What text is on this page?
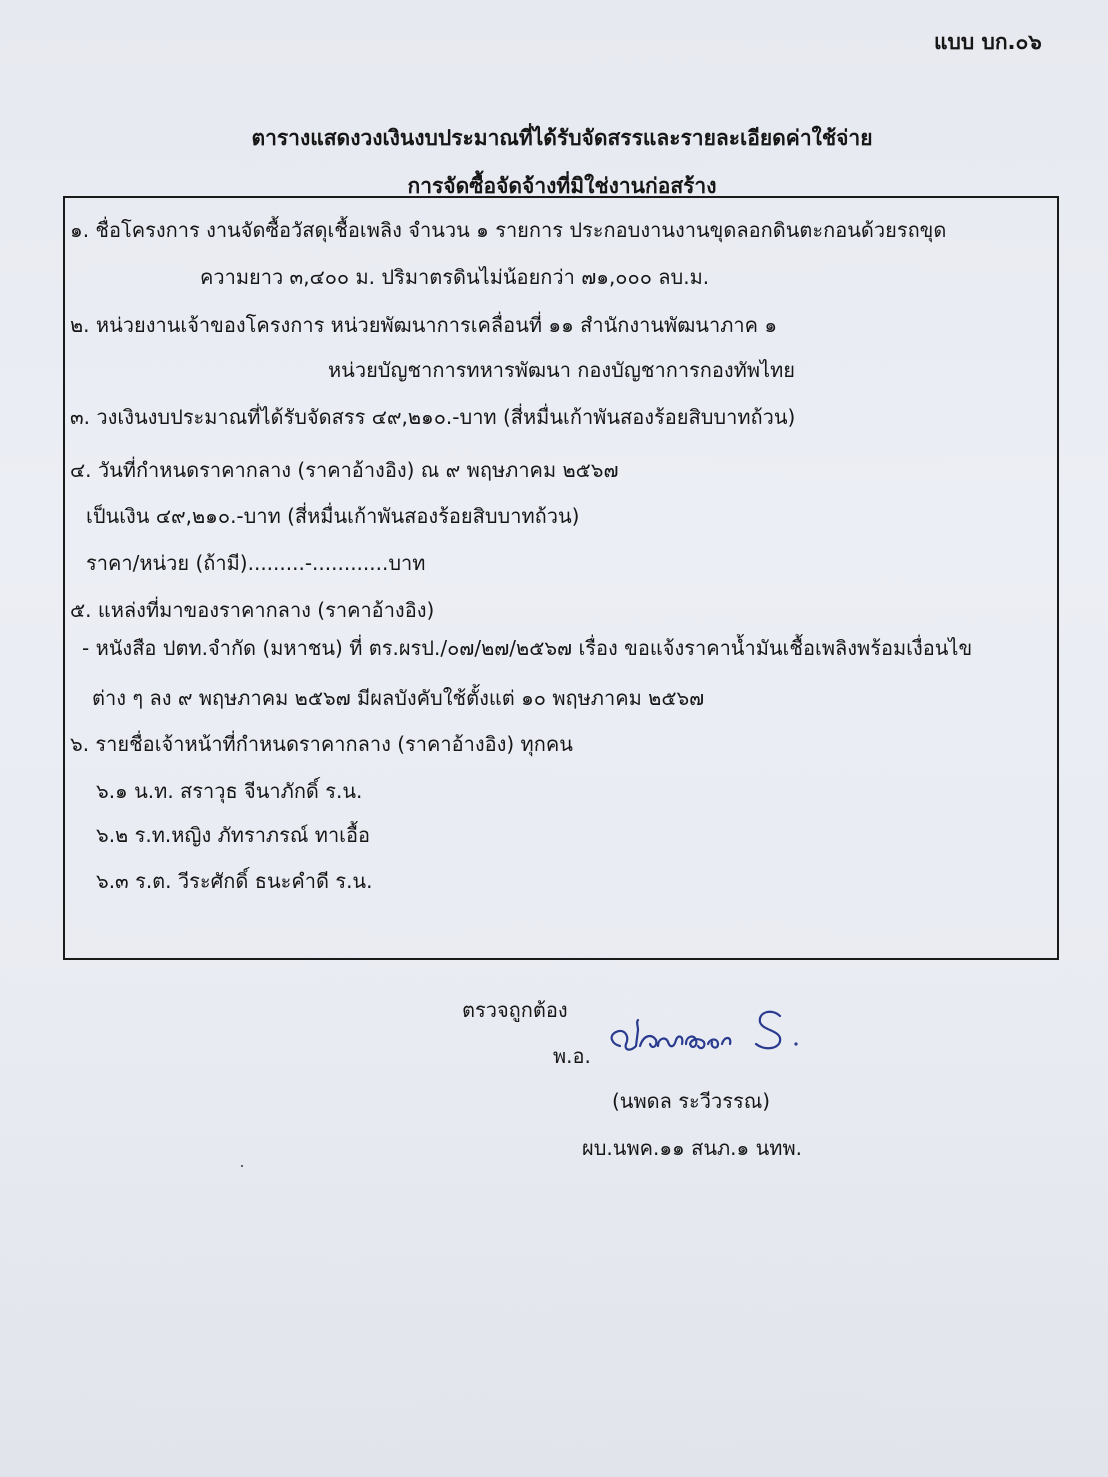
แบบ บก.๐๖
ตารางแสดงวงเงินงบประมาณที่ได้รับจัดสรรและรายละเอียดค่าใช้จ่าย
การจัดซื้อจัดจ้างที่มิใช่งานก่อสร้าง
๑. ชื่อโครงการ งานจัดซื้อวัสดุเชื้อเพลิง จำนวน ๑ รายการ ประกอบงานงานขุดลอกดินตะกอนด้วยรถขุด
ความยาว ๓,๔๐๐ ม. ปริมาตรดินไม่น้อยกว่า ๗๑,๐๐๐ ลบ.ม.
๒. หน่วยงานเจ้าของโครงการ หน่วยพัฒนาการเคลื่อนที่ ๑๑ สำนักงานพัฒนาภาค ๑
หน่วยบัญชาการทหารพัฒนา กองบัญชาการกองทัพไทย
๓. วงเงินงบประมาณที่ได้รับจัดสรร ๔๙,๒๑๐.-บาท (สี่หมื่นเก้าพันสองร้อยสิบบาทถ้วน)
๔. วันที่กำหนดราคากลาง (ราคาอ้างอิง) ณ ๙ พฤษภาคม ๒๕๖๗
เป็นเงิน ๔๙,๒๑๐.-บาท (สี่หมื่นเก้าพันสองร้อยสิบบาทถ้วน)
ราคา/หน่วย (ถ้ามี).........-............บาท
๕. แหล่งที่มาของราคากลาง (ราคาอ้างอิง)
- หนังสือ ปตท.จำกัด (มหาชน) ที่ ตร.ผรป./๐๗/๒๗/๒๕๖๗ เรื่อง ขอแจ้งราคาน้ำมันเชื้อเพลิงพร้อมเงื่อนไข
ต่าง ๆ ลง ๙ พฤษภาคม ๒๕๖๗ มีผลบังคับใช้ตั้งแต่ ๑๐ พฤษภาคม ๒๕๖๗
๖. รายชื่อเจ้าหน้าที่กำหนดราคากลาง (ราคาอ้างอิง) ทุกคน
๖.๑ น.ท. สราวุธ จีนาภักดิ์ ร.น.
๖.๒ ร.ท.หญิง ภัทราภรณ์ ทาเอื้อ
๖.๓ ร.ต. วีระศักดิ์ ธนะคำดี ร.น.
ตรวจถูกต้อง
พ.อ.
(นพดล ระวีวรรณ)
ผบ.นพค.๑๑ สนภ.๑ นทพ.
